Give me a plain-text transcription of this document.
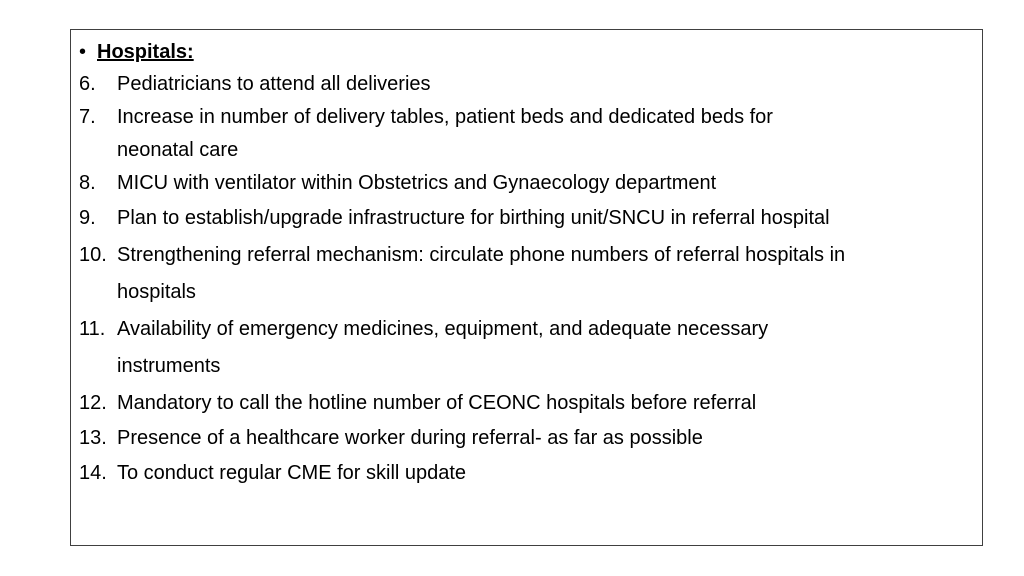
• Hospitals:
6.	Pediatricians to attend all deliveries
7.	Increase in number of delivery tables, patient beds and dedicated beds for
neonatal care
8.	MICU with ventilator within Obstetrics and Gynaecology department
9.	Plan to establish/upgrade infrastructure for birthing unit/SNCU in referral hospital
10. Strengthening referral mechanism: circulate phone numbers of referral hospitals in
hospitals
11. Availability of emergency medicines, equipment, and adequate necessary
instruments
12. Mandatory to call the hotline number of CEONC hospitals before referral
13. Presence of a healthcare worker during referral- as far as possible
14. To conduct regular CME for skill update
